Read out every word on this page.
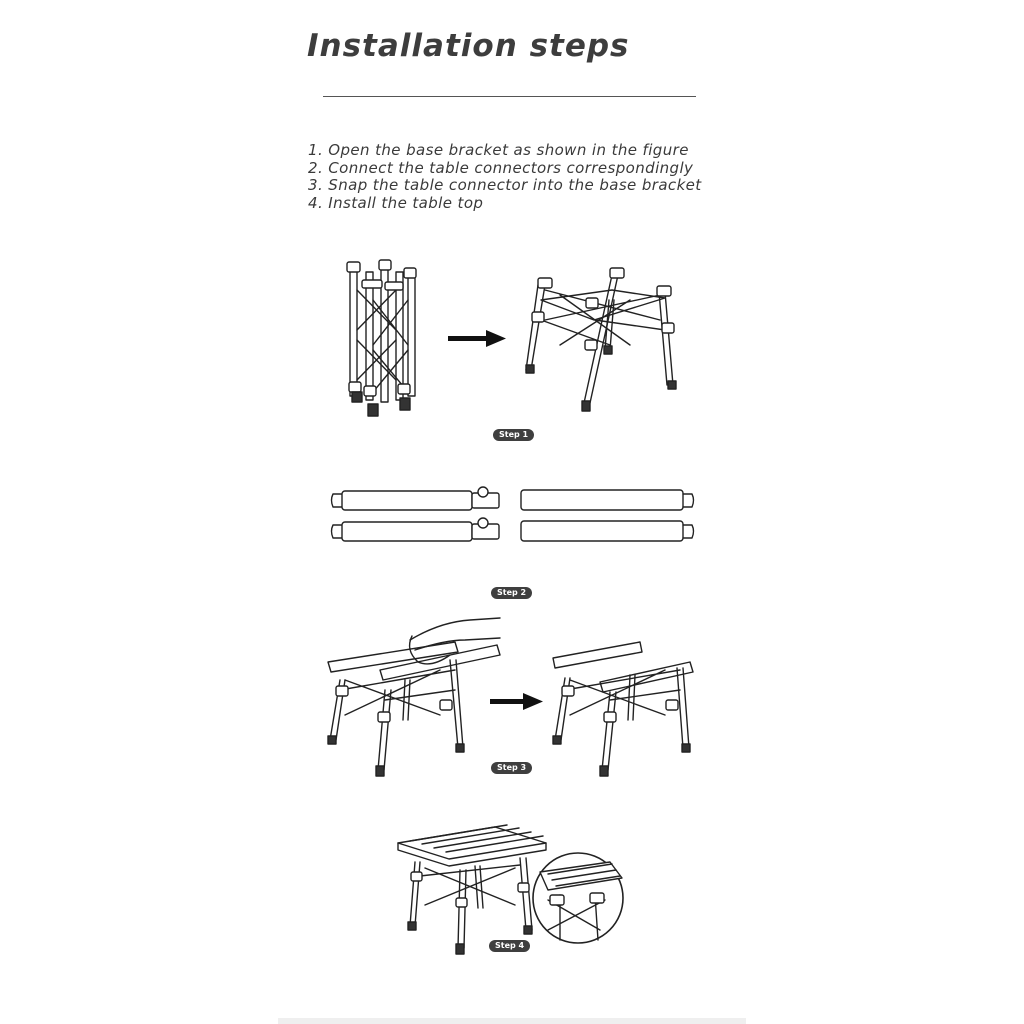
Installation steps
1. Open the base bracket as shown in the figure
2. Connect the table connectors correspondingly
3. Snap the table connector into the base bracket
4. Install the table top
Step 1
Step 2
Step 3
Step 4
